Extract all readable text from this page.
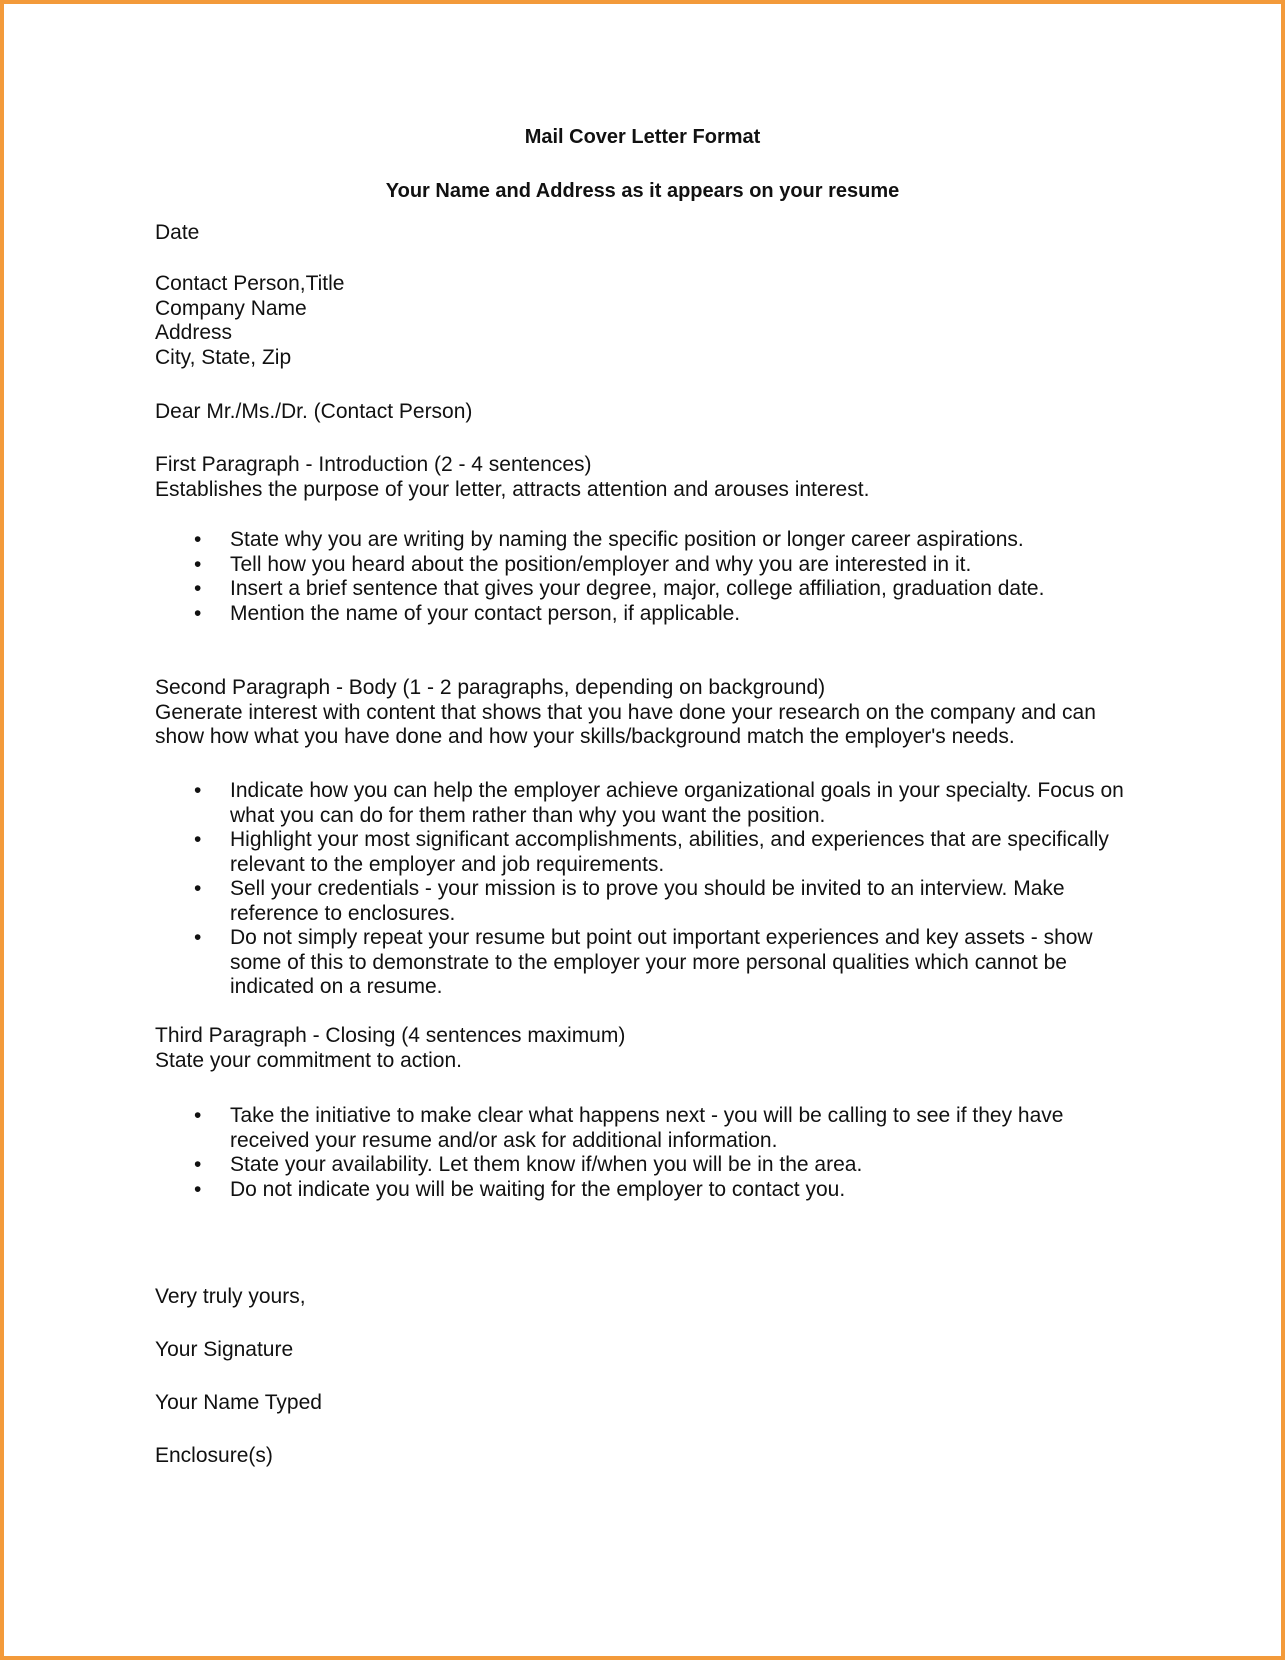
Mail Cover Letter Format
Your Name and Address as it appears on your resume
Date
Contact Person,Title
Company Name
Address
City, State, Zip
Dear Mr./Ms./Dr. (Contact Person)
First Paragraph - Introduction (2 - 4 sentences)
Establishes the purpose of your letter, attracts attention and arouses interest.
• State why you are writing by naming the specific position or longer career aspirations.
• Tell how you heard about the position/employer and why you are interested in it.
• Insert a brief sentence that gives your degree, major, college affiliation, graduation date.
• Mention the name of your contact person, if applicable.
Second Paragraph - Body (1 - 2 paragraphs, depending on background)
Generate interest with content that shows that you have done your research on the company and can
show how what you have done and how your skills/background match the employer's needs.
• Indicate how you can help the employer achieve organizational goals in your specialty. Focus on what you can do for them rather than why you want the position.
• Highlight your most significant accomplishments, abilities, and experiences that are specifically relevant to the employer and job requirements.
• Sell your credentials - your mission is to prove you should be invited to an interview. Make reference to enclosures.
• Do not simply repeat your resume but point out important experiences and key assets - show some of this to demonstrate to the employer your more personal qualities which cannot be indicated on a resume.
Third Paragraph - Closing (4 sentences maximum)
State your commitment to action.
• Take the initiative to make clear what happens next - you will be calling to see if they have received your resume and/or ask for additional information.
• State your availability. Let them know if/when you will be in the area.
• Do not indicate you will be waiting for the employer to contact you.
Very truly yours,
Your Signature
Your Name Typed
Enclosure(s)
